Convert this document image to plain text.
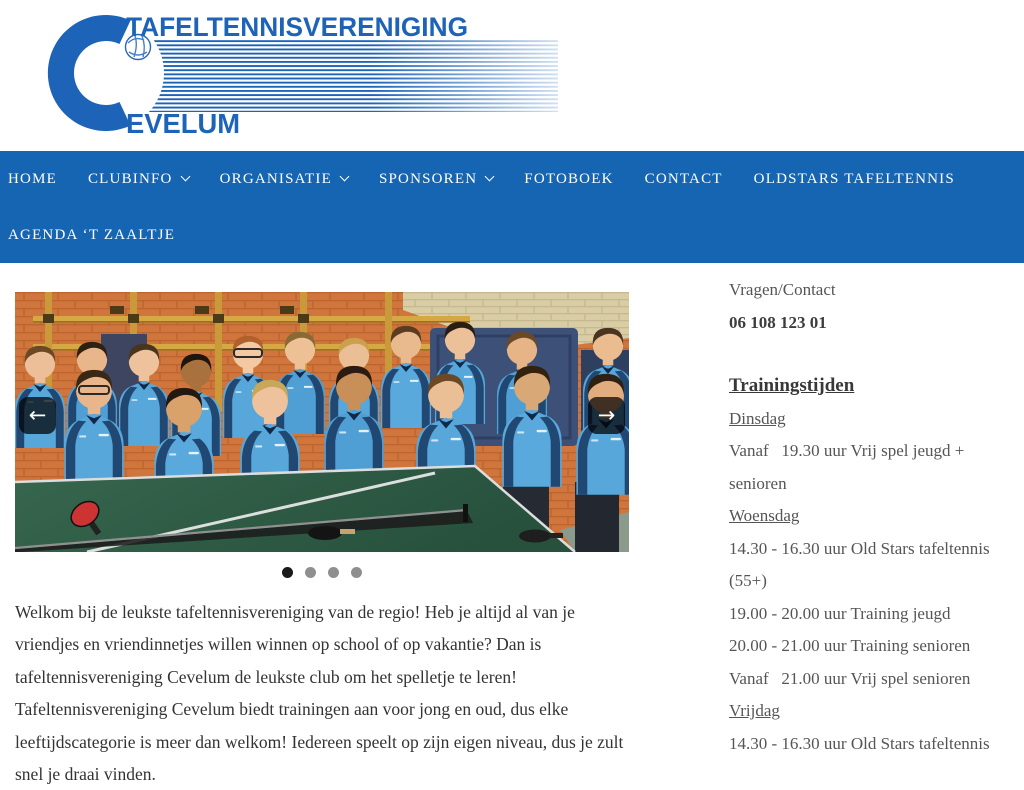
TAFELTENNISVERENIGING
EVELUM
HOME CLUBINFO	ORGANISATIE	SPONSOREN	FOTOBOEK CONTACT OLDSTARS TAFELTENNIS
AGENDA ‘T ZAALTJE
←	→

Welkom bij de leukste tafeltennisvereniging van de regio! Heb je altijd al van je vriendjes en vriendinnetjes willen winnen op school of op vakantie? Dan is tafeltennisvereniging Cevelum de leukste club om het spelletje te leren! Tafeltennisvereniging Cevelum biedt trainingen aan voor jong en oud, dus elke leeftijdscategorie is meer dan welkom! Iedereen speelt op zijn eigen niveau, dus je zult snel je draai vinden.

Vragen/Contact
06 108 123 01
Trainingstijden
Dinsdag
Vanaf   19.30 uur Vrij spel jeugd + senioren
Woensdag
14.30 - 16.30 uur Old Stars tafeltennis (55+)
19.00 - 20.00 uur Training jeugd
20.00 - 21.00 uur Training senioren
Vanaf   21.00 uur Vrij spel senioren
Vrijdag
14.30 - 16.30 uur Old Stars tafeltennis
